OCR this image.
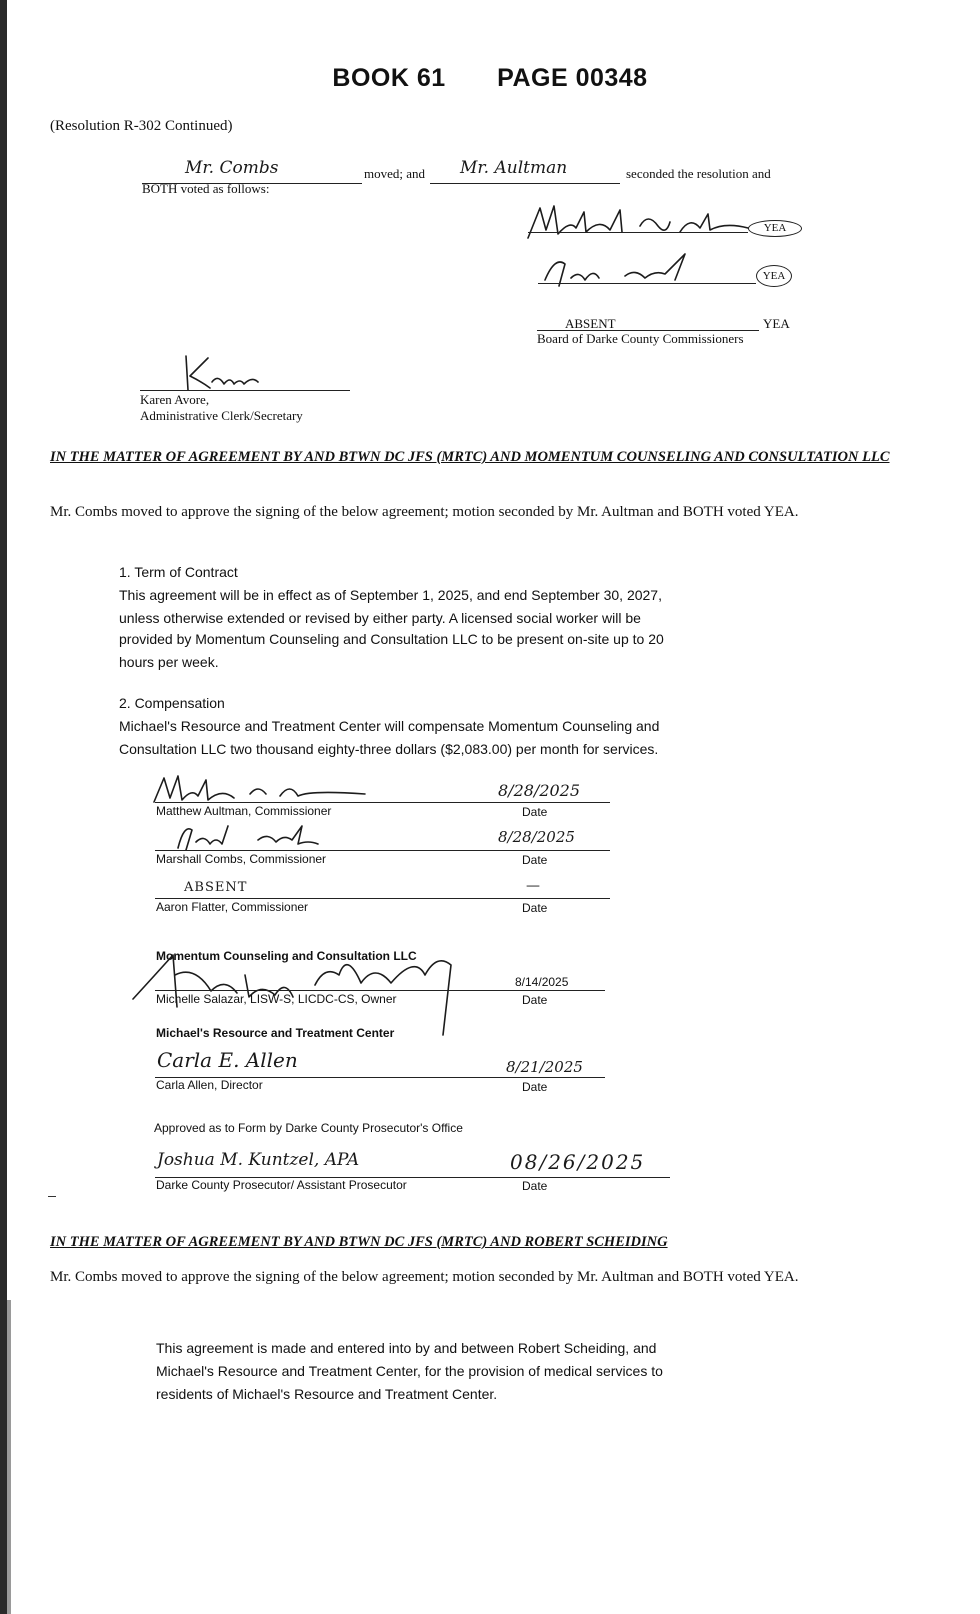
BOOK 61 PAGE 00348
(Resolution R-302 Continued)
Mr. Combs	moved; and Mr. Aultman	seconded the resolution and
BOTH voted as follows:
YEA
YEA
ABSENT	YEA
Board of Darke County Commissioners
Karen Avore,
Administrative Clerk/Secretary
IN THE MATTER OF AGREEMENT BY AND BTWN DC JFS (MRTC) AND MOMENTUM COUNSELING AND CONSULTATION LLC
Mr. Combs moved to approve the signing of the below agreement; motion seconded by Mr. Aultman and BOTH voted YEA.
1. Term of Contract
This agreement will be in effect as of September 1, 2025, and end September 30, 2027,
unless otherwise extended or revised by either party. A licensed social worker will be
provided by Momentum Counseling and Consultation LLC to be present on-site up to 20
hours per week.
2. Compensation
Michael's Resource and Treatment Center will compensate Momentum Counseling and
Consultation LLC two thousand eighty-three dollars ($2,083.00) per month for services.
Matthew Aultman, Commissioner
8/28/2025
Date
Marshall Combs, Commissioner
8/28/2025
Date
ABSENT
Aaron Flatter, Commissioner
—
Date
Momentum Counseling and Consultation LLC
Michelle Salazar, LISW-S, LICDC-CS, Owner
8/14/2025
Date
Michael's Resource and Treatment Center
Carla E. Allen
Carla Allen, Director
8/21/2025
Date
Approved as to Form by Darke County Prosecutor's Office
Joshua M. Kuntzel, APA
Darke County Prosecutor/ Assistant Prosecutor
08/26/2025
Date
IN THE MATTER OF AGREEMENT BY AND BTWN DC JFS (MRTC) AND ROBERT SCHEIDING
Mr. Combs moved to approve the signing of the below agreement; motion seconded by Mr. Aultman and BOTH voted YEA.
This agreement is made and entered into by and between Robert Scheiding, and
Michael's Resource and Treatment Center, for the provision of medical services to
residents of Michael's Resource and Treatment Center.
